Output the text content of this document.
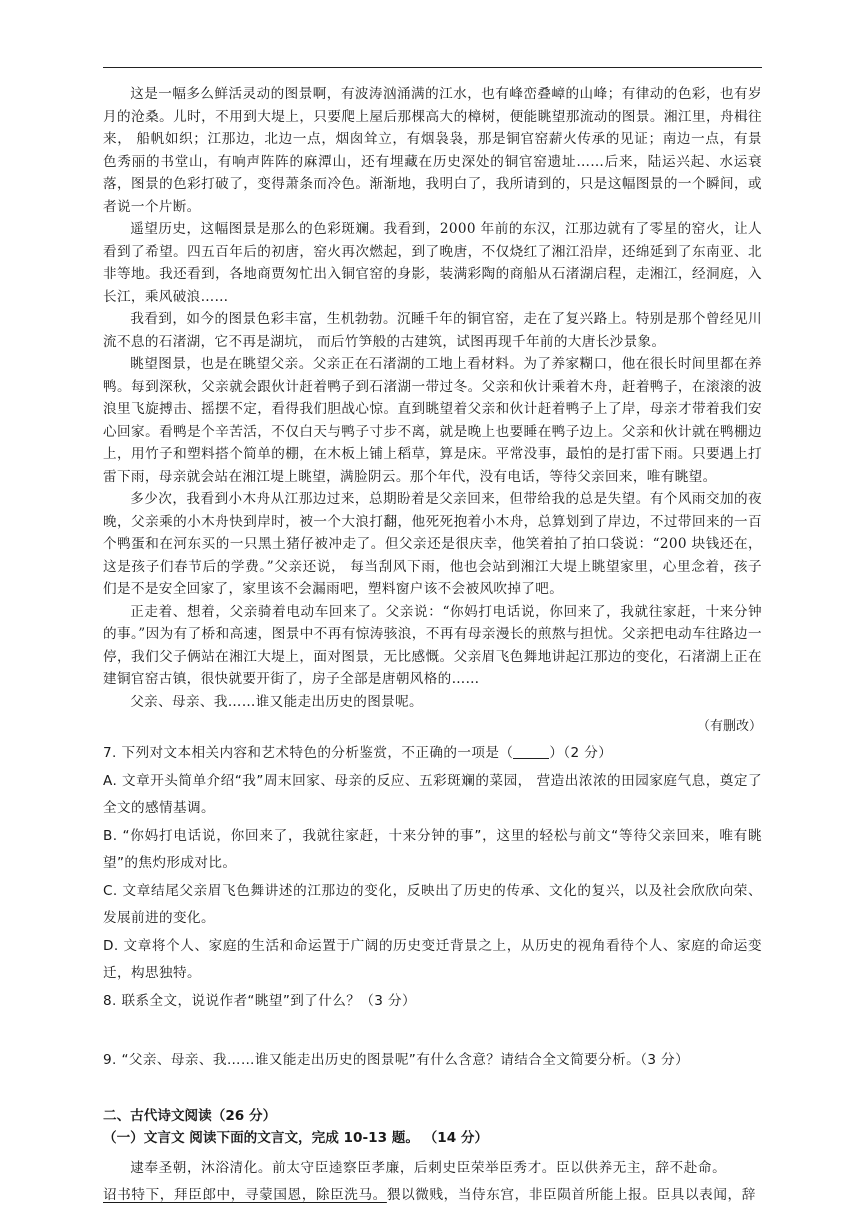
这是一幅多么鲜活灵动的图景啊，有波涛汹涌满的江水，也有峰峦叠嶂的山峰；有律动的色彩，也有岁月的沧桑。儿时，不用到大堤上，只要爬上屋后那棵高大的樟树，便能眺望那流动的图景。湘江里，舟楫往来， 船帆如织；江那边，北边一点，烟囱耸立，有烟袅袅，那是铜官窑薪火传承的见证；南边一点，有景色秀丽的书堂山，有响声阵阵的麻潭山，还有埋藏在历史深处的铜官窑遗址……后来，陆运兴起、水运衰落，图景的色彩打破了，变得萧条而冷色。渐渐地，我明白了，我所请到的，只是这幅图景的一个瞬间，或者说一个片断。

遥望历史，这幅图景是那么的色彩斑斓。我看到，2000 年前的东汉，江那边就有了零星的窑火，让人看到了希望。四五百年后的初唐，窑火再次燃起，到了晚唐，不仅烧红了湘江沿岸，还绵延到了东南亚、北非等地。我还看到，各地商贾匆忙出入铜官窑的身影，装满彩陶的商船从石渚湖启程，走湘江，经洞庭，入长江，乘风破浪……

我看到，如今的图景色彩丰富，生机勃勃。沉睡千年的铜官窑，走在了复兴路上。特别是那个曾经见川流不息的石渚湖，它不再是湖坑， 而后竹笋般的古建筑，试图再现千年前的大唐长沙景象。

眺望图景，也是在眺望父亲。父亲正在石渚湖的工地上看材料。为了养家糊口，他在很长时间里都在养鸭。每到深秋，父亲就会跟伙计赶着鸭子到石渚湖一带过冬。父亲和伙计乘着木舟，赶着鸭子，在滚滚的波浪里飞旋搏击、摇摆不定，看得我们胆战心惊。直到眺望着父亲和伙计赶着鸭子上了岸，母亲才带着我们安心回家。看鸭是个辛苦活，不仅白天与鸭子寸步不离，就是晚上也要睡在鸭子边上。父亲和伙计就在鸭棚边上，用竹子和塑料搭个简单的棚，在木板上铺上稻草，算是床。平常没事，最怕的是打雷下雨。只要遇上打雷下雨，母亲就会站在湘江堤上眺望，满脸阴云。那个年代，没有电话，等待父亲回来，唯有眺望。

多少次，我看到小木舟从江那边过来，总期盼着是父亲回来，但带给我的总是失望。有个风雨交加的夜晚，父亲乘的小木舟快到岸时，被一个大浪打翻，他死死抱着小木舟，总算划到了岸边，不过带回来的一百个鸭蛋和在河东买的一只黑土猪仔被冲走了。但父亲还是很庆幸，他笑着拍了拍口袋说：“200 块钱还在，这是孩子们春节后的学费。”父亲还说， 每当刮风下雨，他也会站到湘江大堤上眺望家里，心里念着，孩子们是不是安全回家了，家里该不会漏雨吧，塑料窗户该不会被风吹掉了吧。

正走着、想着，父亲骑着电动车回来了。父亲说：“你妈打电话说，你回来了，我就往家赶，十来分钟的事。”因为有了桥和高速，图景中不再有惊涛骇浪，不再有母亲漫长的煎熬与担忧。父亲把电动车往路边一停，我们父子俩站在湘江大堤上，面对图景，无比感慨。父亲眉飞色舞地讲起江那边的变化，石渚湖上正在建铜官窑古镇，很快就要开街了，房子全部是唐朝风格的……

父亲、母亲、我……谁又能走出历史的图景呢。

（有删改）

7. 下列对文本相关内容和艺术特色的分析鉴赏，不正确的一项是（	）（2 分）

A. 文章开头简单介绍“我”周末回家、母亲的反应、五彩斑斓的菜园， 营造出浓浓的田园家庭气息，奠定了全文的感情基调。

B. “你妈打电话说，你回来了，我就往家赶，十来分钟的事”，这里的轻松与前文“等待父亲回来，唯有眺望”的焦灼形成对比。

C. 文章结尾父亲眉飞色舞讲述的江那边的变化，反映出了历史的传承、文化的复兴，以及社会欣欣向荣、发展前进的变化。

D. 文章将个人、家庭的生活和命运置于广阔的历史变迁背景之上，从历史的视角看待个人、家庭的命运变迁，构思独特。

8. 联系全文，说说作者“眺望”到了什么？（3 分）

9. “父亲、母亲、我……谁又能走出历史的图景呢”有什么含意？请结合全文简要分析。（3 分）

二、古代诗文阅读（26 分）

（一）文言文 阅读下面的文言文，完成 10-13 题。 （14 分）

逮奉圣朝，沐浴清化。前太守臣逵察臣孝廉，后刺史臣荣举臣秀才。臣以供养无主，辞不赴命。

诏书特下，拜臣郎中，寻蒙国恩，除臣洗马。猥以微贱，当侍东宫，非臣陨首所能上报。臣具以表闻，辞
